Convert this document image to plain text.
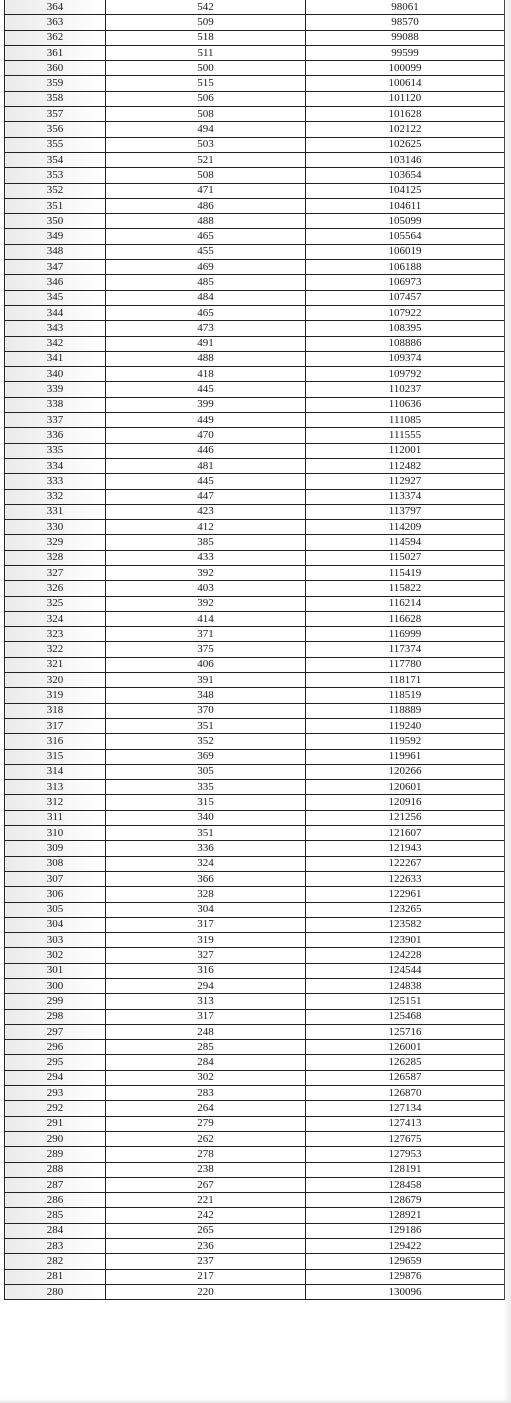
364	542	98061
363	509	98570
362	518	99088
361	511	99599
360	500	100099
359	515	100614
358	506	101120
357	508	101628
356	494	102122
355	503	102625
354	521	103146
353	508	103654
352	471	104125
351	486	104611
350	488	105099
349	465	105564
348	455	106019
347	469	106188
346	485	106973
345	484	107457
344	465	107922
343	473	108395
342	491	108886
341	488	109374
340	418	109792
339	445	110237
338	399	110636
337	449	111085
336	470	111555
335	446	112001
334	481	112482
333	445	112927
332	447	113374
331	423	113797
330	412	114209
329	385	114594
328	433	115027
327	392	115419
326	403	115822
325	392	116214
324	414	116628
323	371	116999
322	375	117374
321	406	117780
320	391	118171
319	348	118519
318	370	118889
317	351	119240
316	352	119592
315	369	119961
314	305	120266
313	335	120601
312	315	120916
311	340	121256
310	351	121607
309	336	121943
308	324	122267
307	366	122633
306	328	122961
305	304	123265
304	317	123582
303	319	123901
302	327	124228
301	316	124544
300	294	124838
299	313	125151
298	317	125468
297	248	125716
296	285	126001
295	284	126285
294	302	126587
293	283	126870
292	264	127134
291	279	127413
290	262	127675
289	278	127953
288	238	128191
287	267	128458
286	221	128679
285	242	128921
284	265	129186
283	236	129422
282	237	129659
281	217	129876
280	220	130096
